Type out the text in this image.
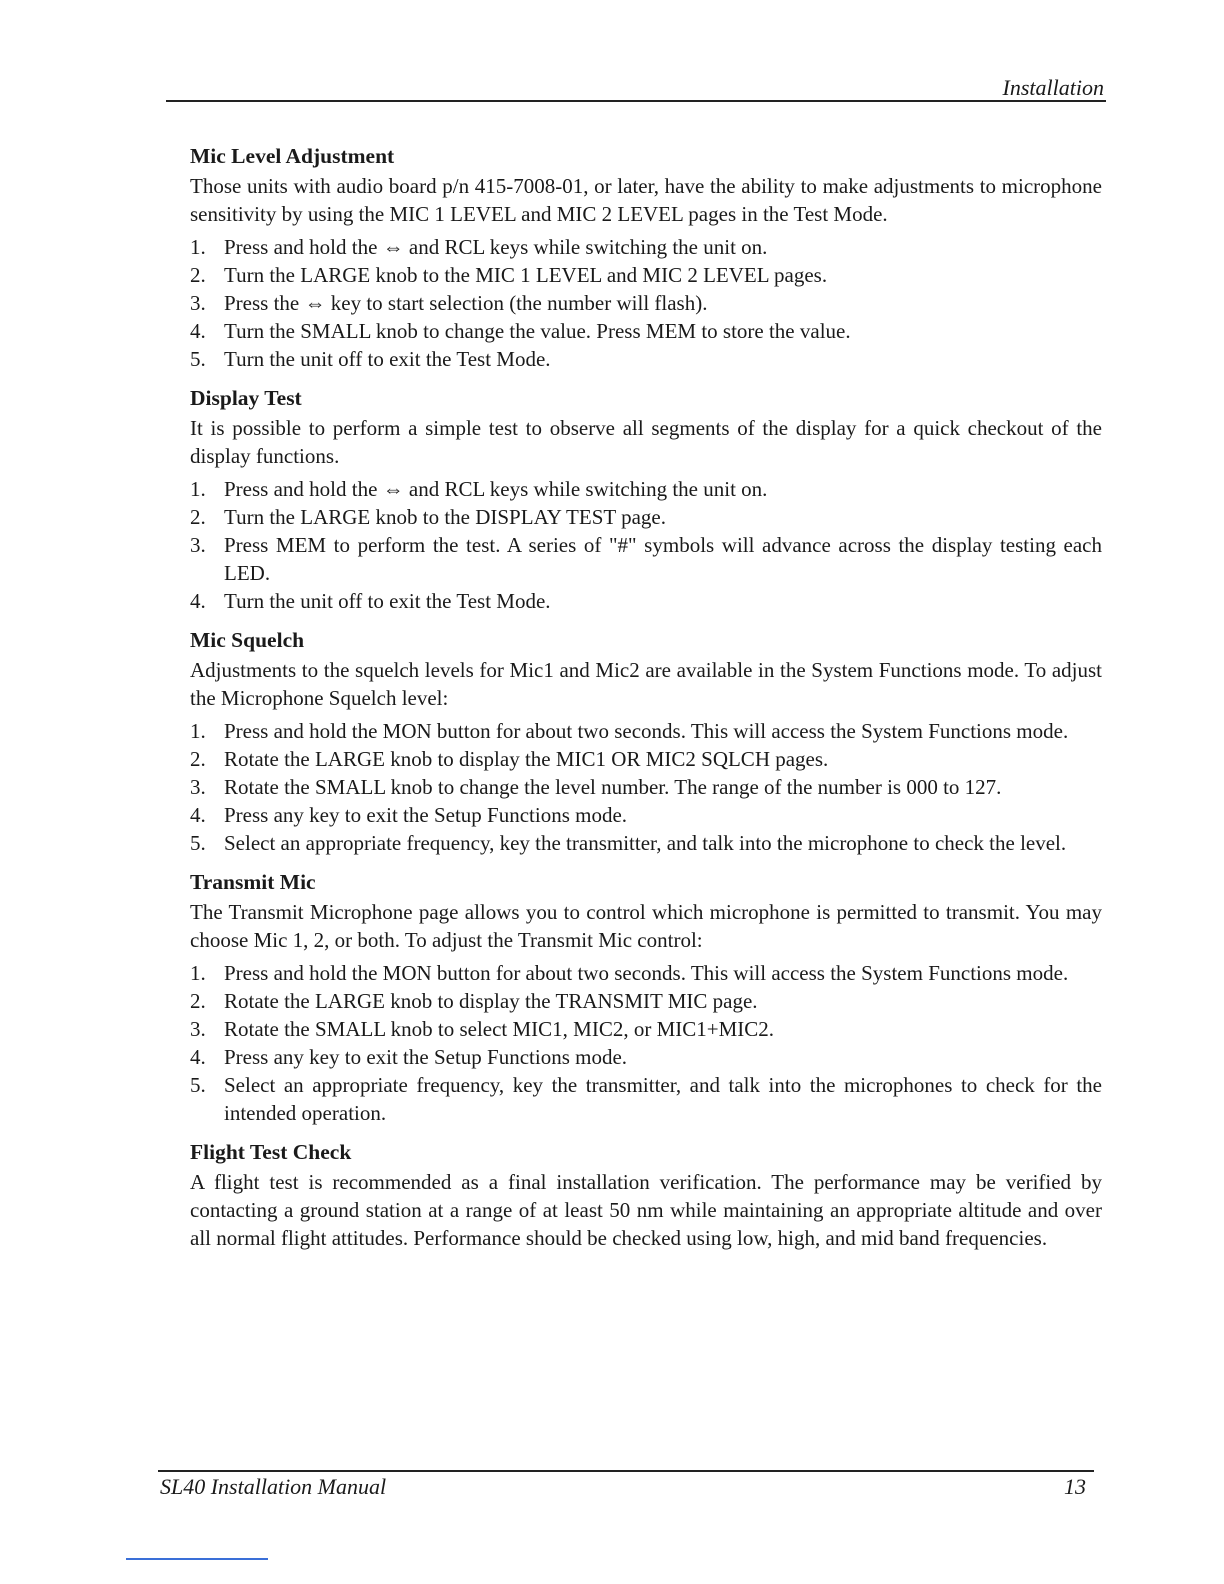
Installation
Mic Level Adjustment

Those units with audio board p/n 415-7008-01, or later, have the ability to make adjustments to microphone sensitivity by using the MIC 1 LEVEL and MIC 2 LEVEL pages in the Test Mode.

1. Press and hold the ⇔ and RCL keys while switching the unit on.
2. Turn the LARGE knob to the MIC 1 LEVEL and MIC 2 LEVEL pages.
3. Press the ⇔ key to start selection (the number will flash).
4. Turn the SMALL knob to change the value. Press MEM to store the value.
5. Turn the unit off to exit the Test Mode.
Display Test

It is possible to perform a simple test to observe all segments of the display for a quick checkout of the display functions.

1. Press and hold the ⇔ and RCL keys while switching the unit on.
2. Turn the LARGE knob to the DISPLAY TEST page.
3. Press MEM to perform the test. A series of "#" symbols will advance across the display testing each LED.
4. Turn the unit off to exit the Test Mode.
Mic Squelch

Adjustments to the squelch levels for Mic1 and Mic2 are available in the System Functions mode. To adjust the Microphone Squelch level:

1. Press and hold the MON button for about two seconds. This will access the System Functions mode.
2. Rotate the LARGE knob to display the MIC1 OR MIC2 SQLCH pages.
3. Rotate the SMALL knob to change the level number. The range of the number is 000 to 127.
4. Press any key to exit the Setup Functions mode.
5. Select an appropriate frequency, key the transmitter, and talk into the microphone to check the level.
Transmit Mic

The Transmit Microphone page allows you to control which microphone is permitted to transmit. You may choose Mic 1, 2, or both. To adjust the Transmit Mic control:

1. Press and hold the MON button for about two seconds. This will access the System Functions mode.
2. Rotate the LARGE knob to display the TRANSMIT MIC page.
3. Rotate the SMALL knob to select MIC1, MIC2, or MIC1+MIC2.
4. Press any key to exit the Setup Functions mode.
5. Select an appropriate frequency, key the transmitter, and talk into the microphones to check for the intended operation.
Flight Test Check

A flight test is recommended as a final installation verification. The performance may be verified by contacting a ground station at a range of at least 50 nm while maintaining an appropriate altitude and over all normal flight attitudes. Performance should be checked using low, high, and mid band frequencies.

SL40 Installation Manual	13
